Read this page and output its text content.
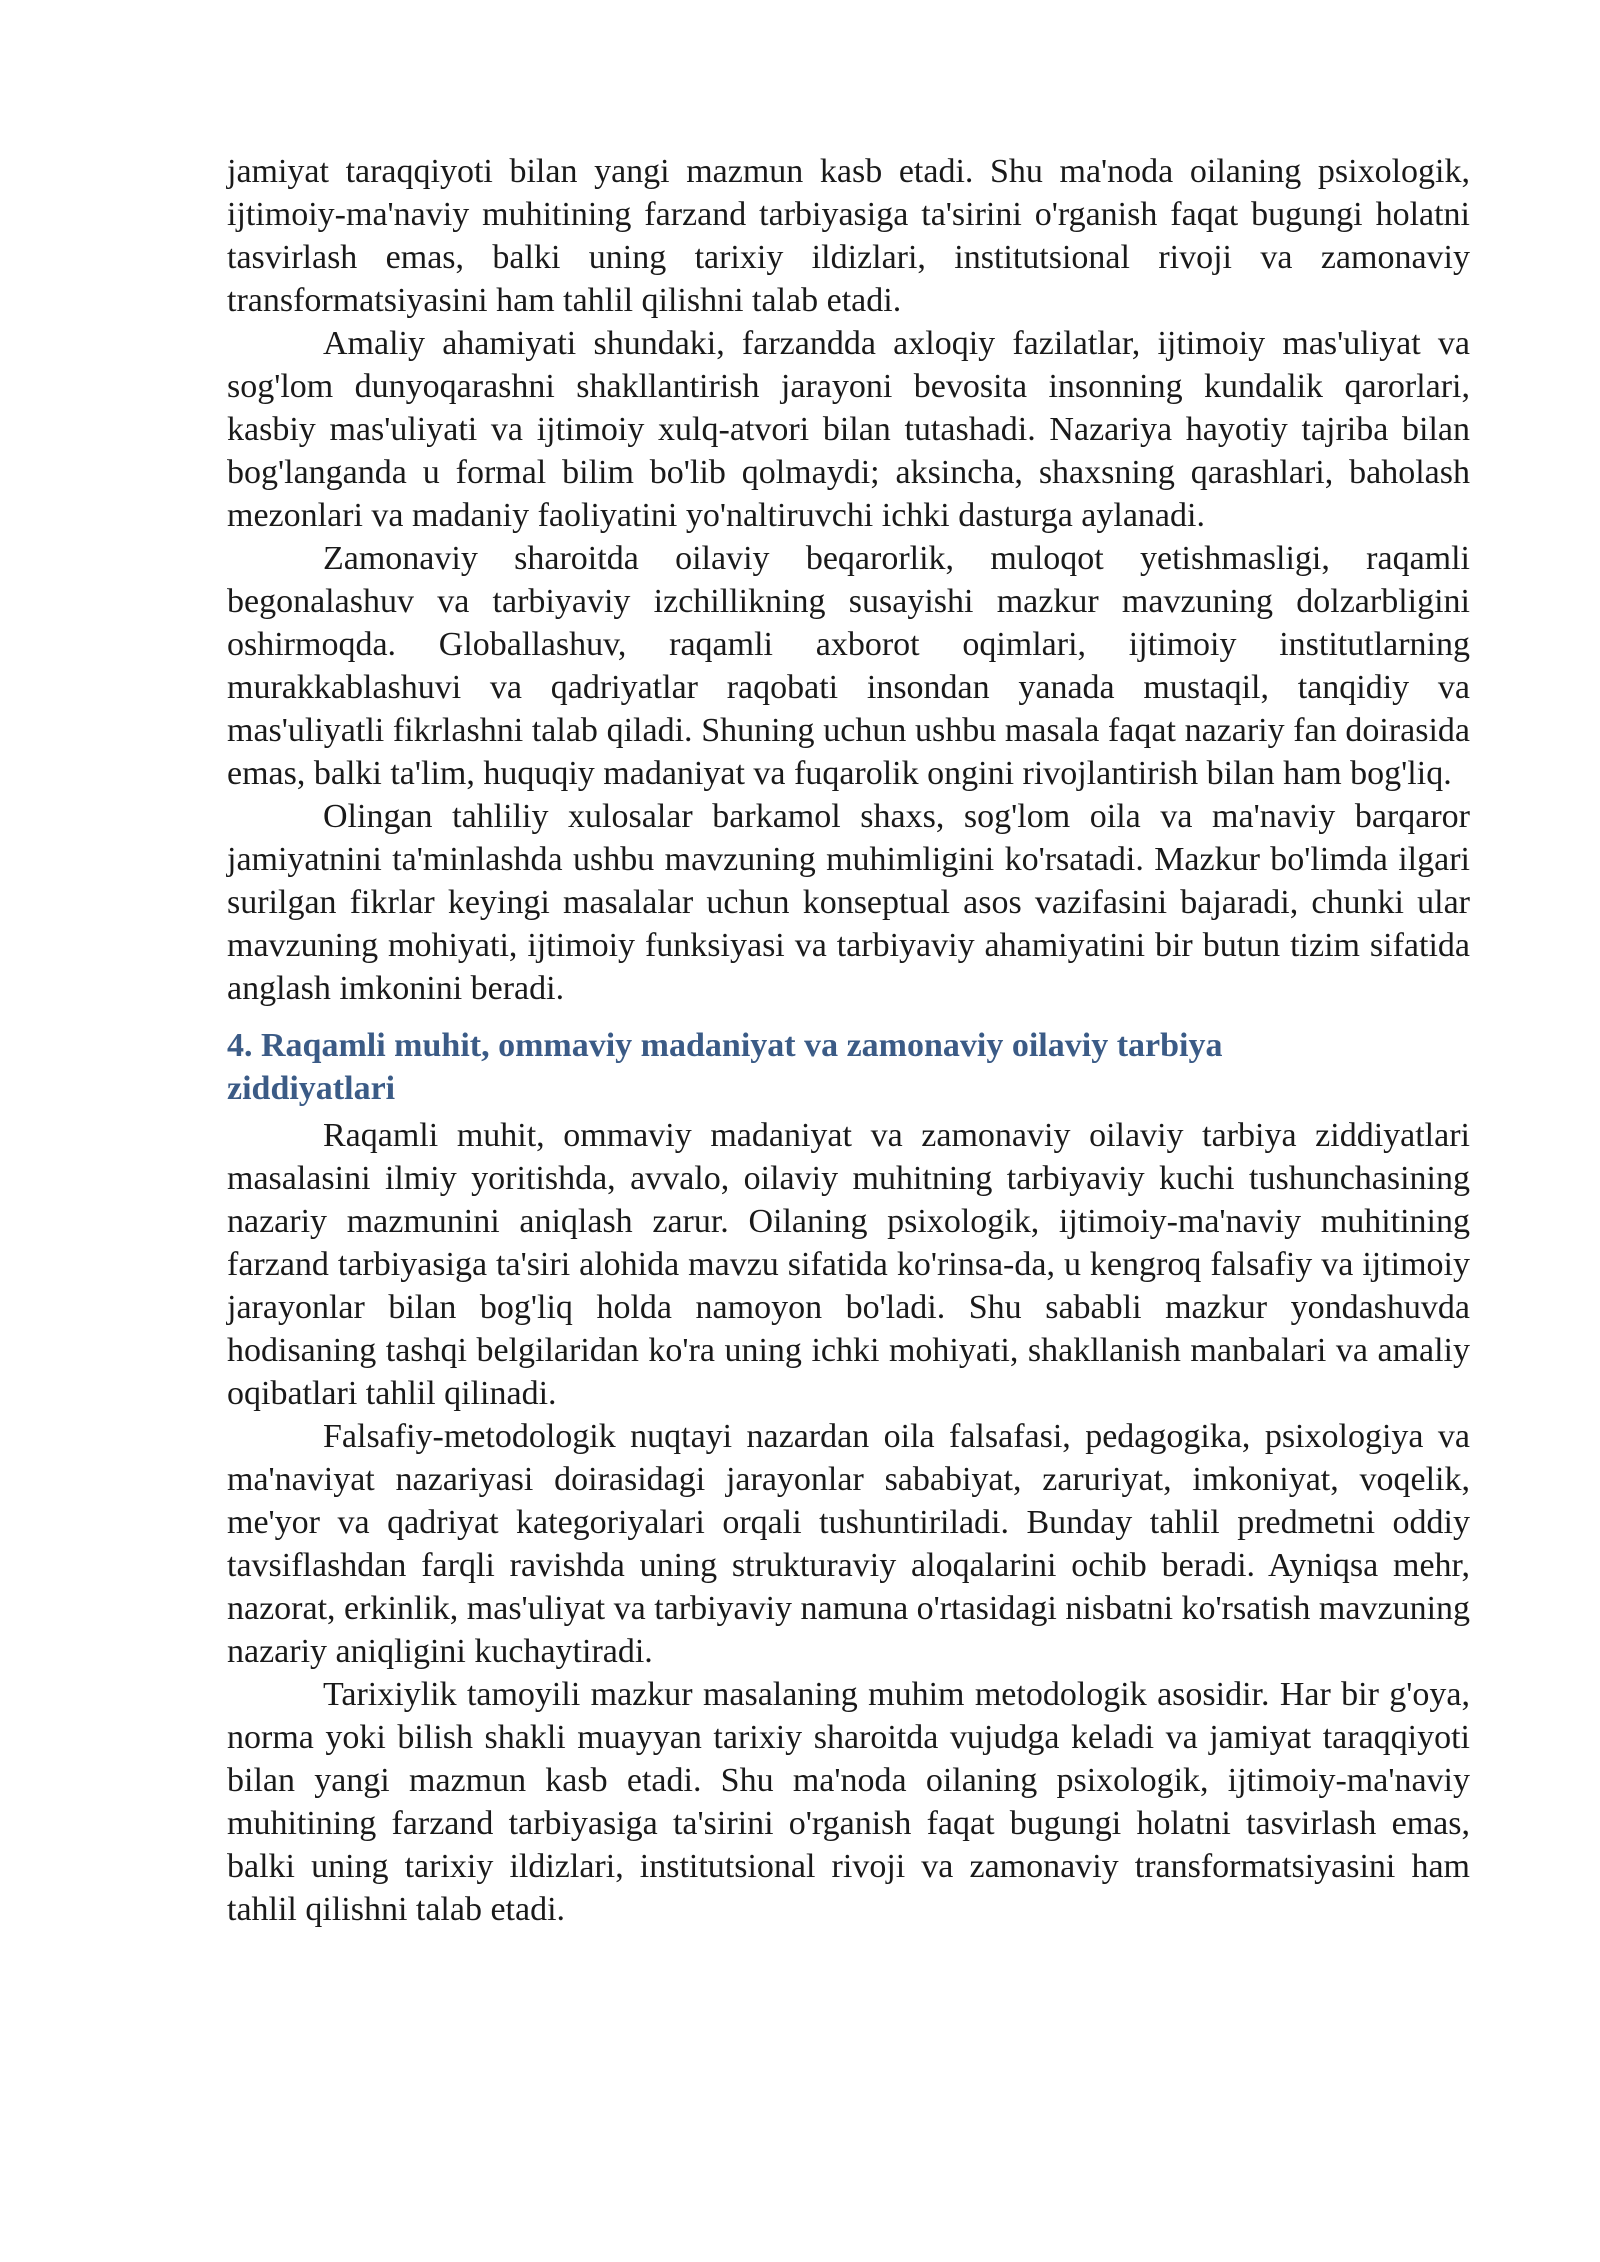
jamiyat taraqqiyoti bilan yangi mazmun kasb etadi. Shu ma'noda oilaning psixologik, ijtimoiy-ma'naviy muhitining farzand tarbiyasiga ta'sirini o'rganish faqat bugungi holatni tasvirlash emas, balki uning tarixiy ildizlari, institutsional rivoji va zamonaviy transformatsiyasini ham tahlil qilishni talab etadi.

Amaliy ahamiyati shundaki, farzandda axloqiy fazilatlar, ijtimoiy mas'uliyat va sog'lom dunyoqarashni shakllantirish jarayoni bevosita insonning kundalik qarorlari, kasbiy mas'uliyati va ijtimoiy xulq-atvori bilan tutashadi. Nazariya hayotiy tajriba bilan bog'langanda u formal bilim bo'lib qolmaydi; aksincha, shaxsning qarashlari, baholash mezonlari va madaniy faoliyatini yo'naltiruvchi ichki dasturga aylanadi.

Zamonaviy sharoitda oilaviy beqarorlik, muloqot yetishmasligi, raqamli begonalashuv va tarbiyaviy izchillikning susayishi mazkur mavzuning dolzarbligini oshirmoqda. Globallashuv, raqamli axborot oqimlari, ijtimoiy institutlarning murakkablashuvi va qadriyatlar raqobati insondan yanada mustaqil, tanqidiy va mas'uliyatli fikrlashni talab qiladi. Shuning uchun ushbu masala faqat nazariy fan doirasida emas, balki ta'lim, huquqiy madaniyat va fuqarolik ongini rivojlantirish bilan ham bog'liq.

Olingan tahliliy xulosalar barkamol shaxs, sog'lom oila va ma'naviy barqaror jamiyatnini ta'minlashda ushbu mavzuning muhimligini ko'rsatadi. Mazkur bo'limda ilgari surilgan fikrlar keyingi masalalar uchun konseptual asos vazifasini bajaradi, chunki ular mavzuning mohiyati, ijtimoiy funksiyasi va tarbiyaviy ahamiyatini bir butun tizim sifatida anglash imkonini beradi.

4. Raqamli muhit, ommaviy madaniyat va zamonaviy oilaviy tarbiya ziddiyatlari

Raqamli muhit, ommaviy madaniyat va zamonaviy oilaviy tarbiya ziddiyatlari masalasini ilmiy yoritishda, avvalo, oilaviy muhitning tarbiyaviy kuchi tushunchasining nazariy mazmunini aniqlash zarur. Oilaning psixologik, ijtimoiy-ma'naviy muhitining farzand tarbiyasiga ta'siri alohida mavzu sifatida ko'rinsa-da, u kengroq falsafiy va ijtimoiy jarayonlar bilan bog'liq holda namoyon bo'ladi. Shu sababli mazkur yondashuvda hodisaning tashqi belgilaridan ko'ra uning ichki mohiyati, shakllanish manbalari va amaliy oqibatlari tahlil qilinadi.

Falsafiy-metodologik nuqtayi nazardan oila falsafasi, pedagogika, psixologiya va ma'naviyat nazariyasi doirasidagi jarayonlar sababiyat, zaruriyat, imkoniyat, voqelik, me'yor va qadriyat kategoriyalari orqali tushuntiriladi. Bunday tahlil predmetni oddiy tavsiflashdan farqli ravishda uning strukturaviy aloqalarini ochib beradi. Ayniqsa mehr, nazorat, erkinlik, mas'uliyat va tarbiyaviy namuna o'rtasidagi nisbatni ko'rsatish mavzuning nazariy aniqligini kuchaytiradi.

Tarixiylik tamoyili mazkur masalaning muhim metodologik asosidir. Har bir g'oya, norma yoki bilish shakli muayyan tarixiy sharoitda vujudga keladi va jamiyat taraqqiyoti bilan yangi mazmun kasb etadi. Shu ma'noda oilaning psixologik, ijtimoiy-ma'naviy muhitining farzand tarbiyasiga ta'sirini o'rganish faqat bugungi holatni tasvirlash emas, balki uning tarixiy ildizlari, institutsional rivoji va zamonaviy transformatsiyasini ham tahlil qilishni talab etadi.
